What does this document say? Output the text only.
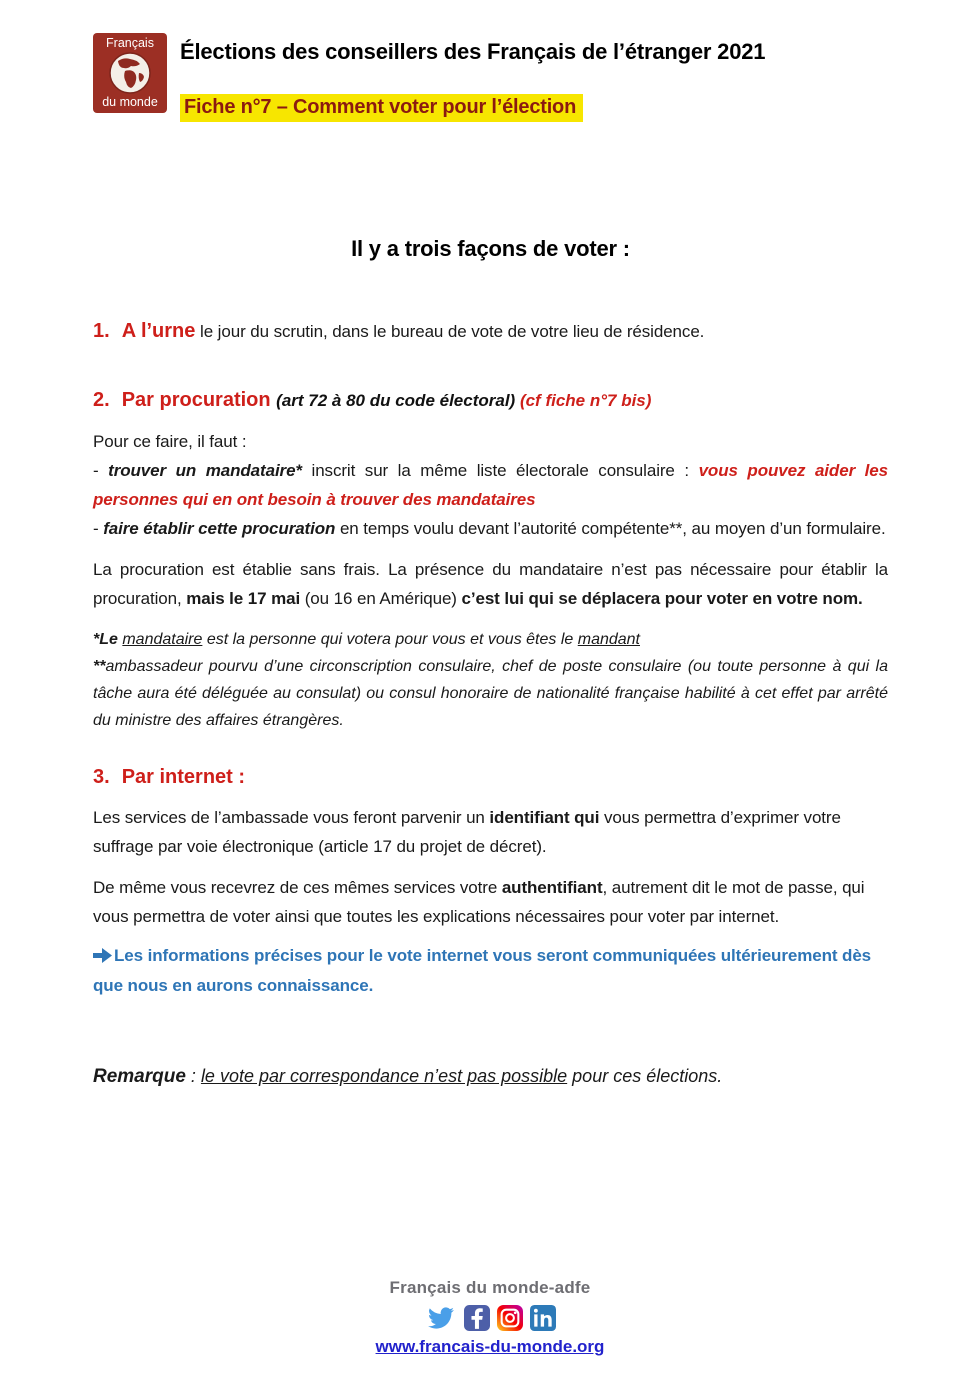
Français
du monde
Élections des conseillers des Français de l’étranger 2021
Fiche n°7 – Comment voter pour l’élection
Il y a trois façons de voter :

1. A l’urne le jour du scrutin, dans le bureau de vote de votre lieu de résidence.

2. Par procuration (art 72 à 80 du code électoral) (cf fiche n°7 bis)

Pour ce faire, il faut :

- trouver un mandataire* inscrit sur la même liste électorale consulaire : vous pouvez aider les personnes qui en ont besoin à trouver des mandataires

- faire établir cette procuration en temps voulu devant l’autorité compétente**, au moyen d’un formulaire.

La procuration est établie sans frais. La présence du mandataire n’est pas nécessaire pour établir la procuration, mais le 17 mai (ou 16 en Amérique) c’est lui qui se déplacera pour voter en votre nom.

*Le mandataire est la personne qui votera pour vous et vous êtes le mandant

**ambassadeur pourvu d’une circonscription consulaire, chef de poste consulaire (ou toute personne à qui la tâche aura été déléguée au consulat) ou consul honoraire de nationalité française habilité à cet effet par arrêté du ministre des affaires étrangères.

3. Par internet :

Les services de l’ambassade vous feront parvenir un identifiant qui vous permettra d’exprimer votre suffrage par voie électronique (article 17 du projet de décret).

De même vous recevrez de ces mêmes services votre authentifiant, autrement dit le mot de passe, qui vous permettra de voter ainsi que toutes les explications nécessaires pour voter par internet.

Les informations précises pour le vote internet vous seront communiquées ultérieurement dès que nous en aurons connaissance.

Remarque : le vote par correspondance n’est pas possible pour ces élections.

Français du monde-adfe
www.francais-du-monde.org
